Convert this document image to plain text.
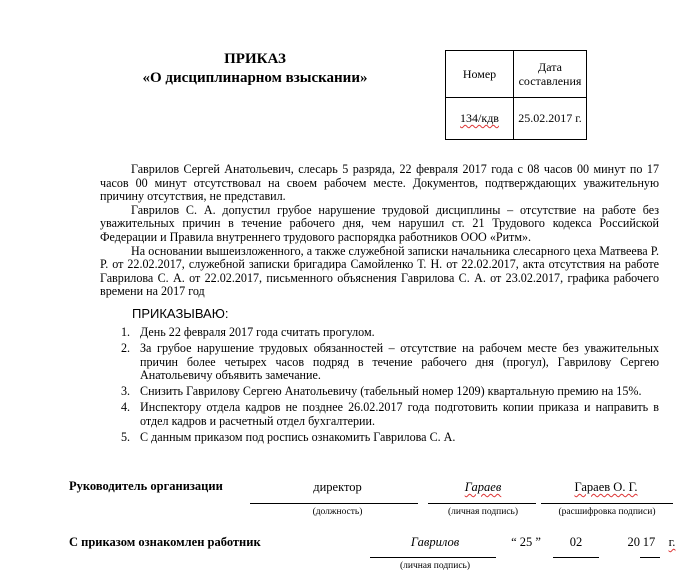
ПРИКАЗ
«О дисциплинарном взыскании»	Номер	Дата
составления
134/кдв	25.02.2017 г.

Гаврилов Сергей Анатольевич, слесарь 5 разряда, 22 февраля 2017 года с 08 часов 00 минут по 17 часов 00 минут отсутствовал на своем рабочем месте. Документов, подтверждающих уважительную причину отсутствия, не представил.

Гаврилов С. А. допустил грубое нарушение трудовой дисциплины – отсутствие на работе без уважительных причин в течение рабочего дня, чем нарушил ст. 21 Трудового кодекса Российской Федерации и Правила внутреннего трудового распорядка работников ООО «Ритм».

На основании вышеизложенного, а также служебной записки начальника слесарного цеха Матвеева Р. Р. от 22.02.2017, служебной записки бригадира Самойленко Т. Н. от 22.02.2017, акта отсутствия на работе Гаврилова С. А. от 22.02.2017, письменного объяснения Гаврилова С. А. от 23.02.2017, графика рабочего времени на 2017 год

ПРИКАЗЫВАЮ:
1. День 22 февраля 2017 года считать прогулом.
2. За грубое нарушение трудовых обязанностей – отсутствие на рабочем месте без уважительных причин более четырех часов подряд в течение рабочего дня (прогул), Гаврилову Сергею Анатольевичу объявить замечание.
3. Снизить Гаврилову Сергею Анатольевичу (табельный номер 1209) квартальную премию на 15%.
4. Инспектору отдела кадров не позднее 26.02.2017 года подготовить копии приказа и направить в отдел кадров и расчетный отдел бухгалтерии.
5. С данным приказом под роспись ознакомить Гаврилова С. А.
Руководитель организации	директор	Гараев	Гараев О. Г.
(должность)	(личная подпись)	(расшифровка подписи)
С приказом ознакомлен работник	Гаврилов	“ 25 ”	02	20 17	г.
(личная подпись)
